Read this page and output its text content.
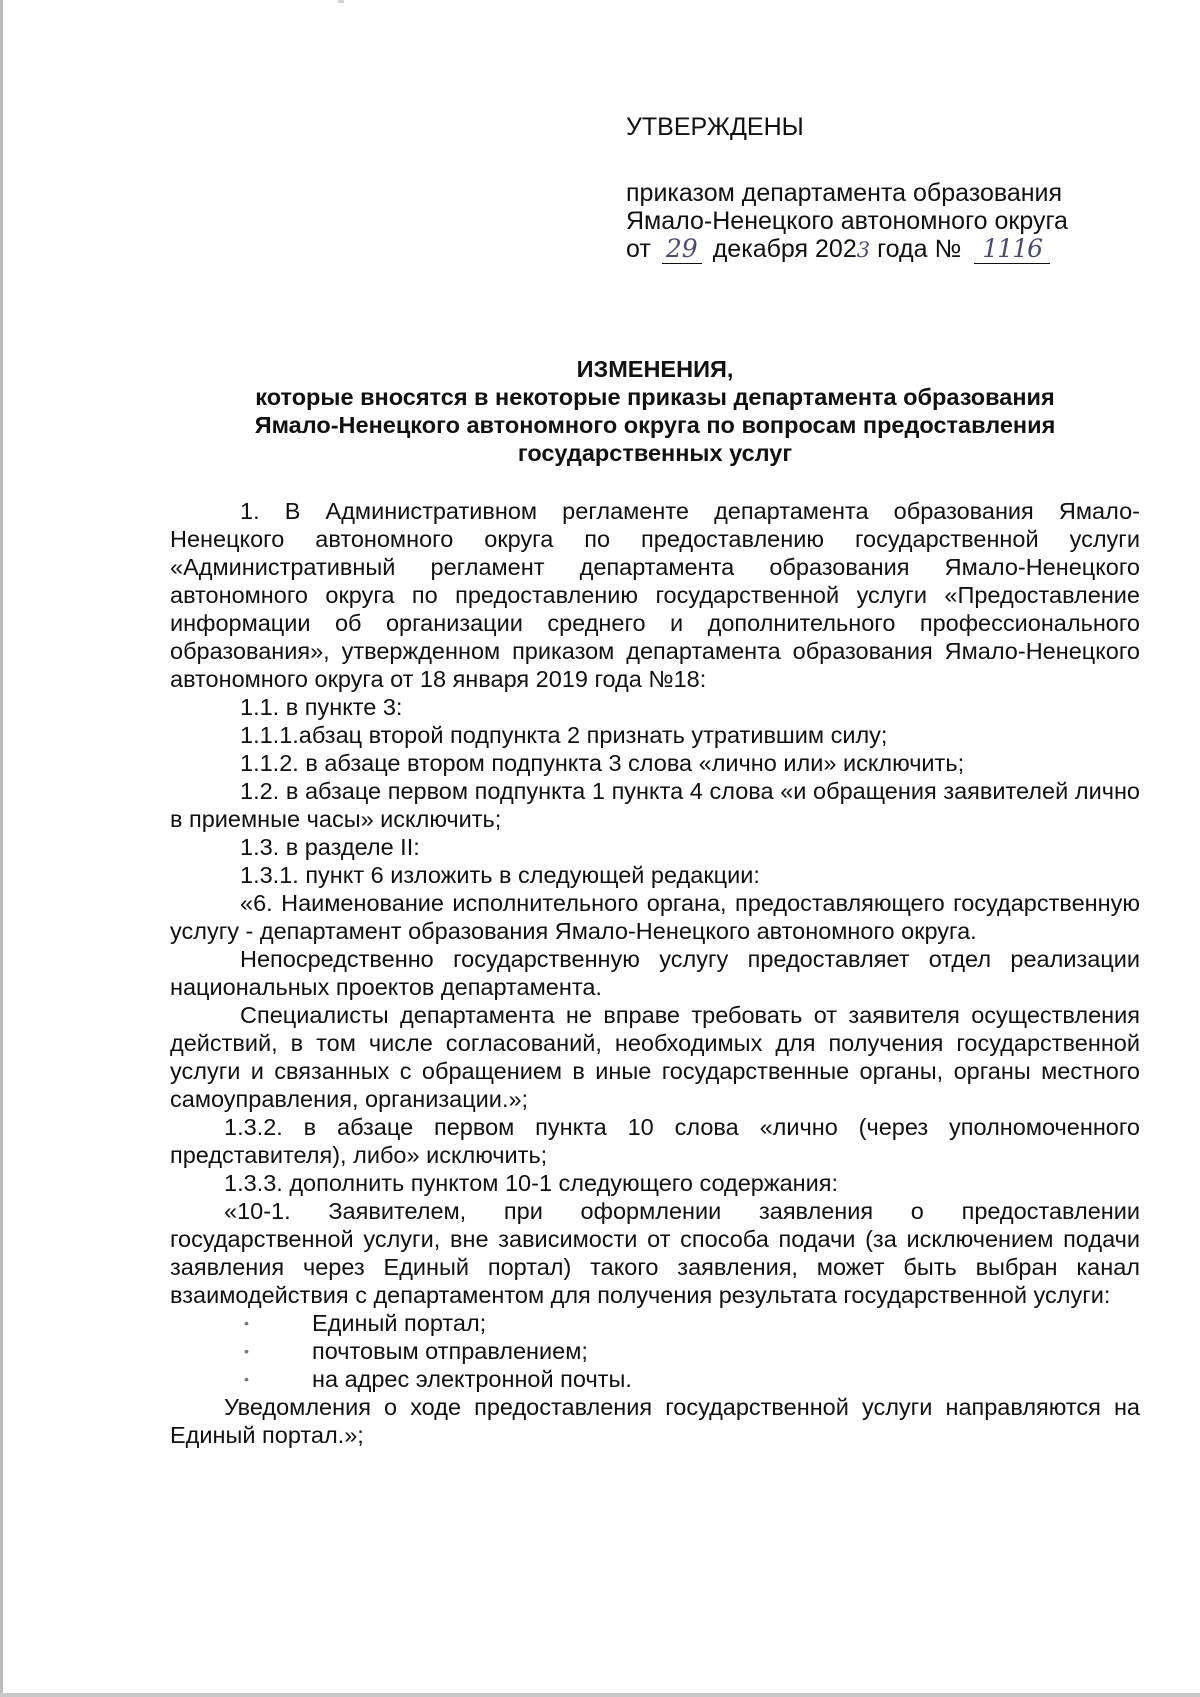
УТВЕРЖДЕНЫ
приказом департамента образования
Ямало-Ненецкого автономного округа
от 29 декабря 2023 года № 1116
ИЗМЕНЕНИЯ,
которые вносятся в некоторые приказы департамента образования
Ямало-Ненецкого автономного округа по вопросам предоставления
государственных услуг

1. В Административном регламенте департамента образования Ямало-Ненецкого автономного округа по предоставлению государственной услуги «Административный регламент департамента образования Ямало-Ненецкого автономного округа по предоставлению государственной услуги «Предоставление информации об организации среднего и дополнительного профессионального образования», утвержденном приказом департамента образования Ямало-Ненецкого автономного округа от 18 января 2019 года №18:

1.1. в пункте 3:

1.1.1.абзац второй подпункта 2 признать утратившим силу;

1.1.2. в абзаце втором подпункта 3 слова «лично или» исключить;

1.2. в абзаце первом подпункта 1 пункта 4 слова «и обращения заявителей лично в приемные часы» исключить;

1.3. в разделе II:

1.3.1. пункт 6 изложить в следующей редакции:

«6. Наименование исполнительного органа, предоставляющего государственную услугу - департамент образования Ямало-Ненецкого автономного округа.

Непосредственно государственную услугу предоставляет отдел реализации национальных проектов департамента.

Специалисты департамента не вправе требовать от заявителя осуществления действий, в том числе согласований, необходимых для получения государственной услуги и связанных с обращением в иные государственные органы, органы местного самоуправления, организации.»;

1.3.2. в абзаце первом пункта 10 слова «лично (через уполномоченного представителя), либо» исключить;

1.3.3. дополнить пунктом 10-1 следующего содержания:

«10-1. Заявителем, при оформлении заявления о предоставлении государственной услуги, вне зависимости от способа подачи (за исключением подачи заявления через Единый портал) такого заявления, может быть выбран канал взаимодействия с департаментом для получения результата государственной услуги:

•	Единый портал;

•	почтовым отправлением;

•	на адрес электронной почты.

Уведомления о ходе предоставления государственной услуги направляются на Единый портал.»;
